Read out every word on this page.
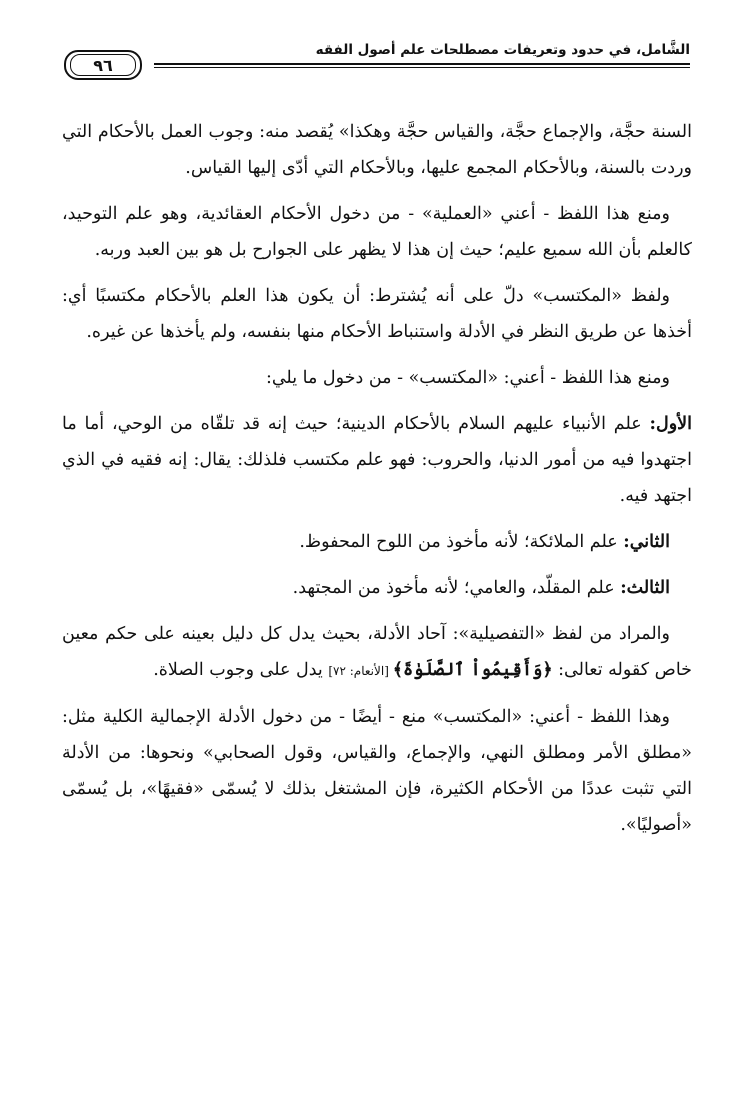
الشَّامل، في حدود وتعريفات مصطلحات علم أصول الفقه
٩٦

السنة حجَّة، والإجماع حجَّة، والقياس حجَّة وهكذا» يُقصد منه: وجوب العمل بالأحكام التي وردت بالسنة، وبالأحكام المجمع عليها، وبالأحكام التي أدّى إليها القياس.

ومنع هذا اللفظ - أعني «العملية» - من دخول الأحكام العقائدية، وهو علم التوحيد، كالعلم بأن الله سميع عليم؛ حيث إن هذا لا يظهر على الجوارح بل هو بين العبد وربه.

ولفظ «المكتسب» دلّ على أنه يُشترط: أن يكون هذا العلم بالأحكام مكتسبًا أي: أخذها عن طريق النظر في الأدلة واستنباط الأحكام منها بنفسه، ولم يأخذها عن غيره.

ومنع هذا اللفظ - أعني: «المكتسب» - من دخول ما يلي:

الأول: علم الأنبياء عليهم السلام بالأحكام الدينية؛ حيث إنه قد تلقّاه من الوحي، أما ما اجتهدوا فيه من أمور الدنيا، والحروب: فهو علم مكتسب فلذلك: يقال: إنه فقيه في الذي اجتهد فيه.

الثاني: علم الملائكة؛ لأنه مأخوذ من اللوح المحفوظ.

الثالث: علم المقلّد، والعامي؛ لأنه مأخوذ من المجتهد.

والمراد من لفظ «التفصيلية»: آحاد الأدلة، بحيث يدل كل دليل بعينه على حكم معين خاص كقوله تعالى: ﴿وَأَقِيمُواْ ٱلصَّلَوٰةَ﴾ [الأنعام: ٧٢] يدل على وجوب الصلاة.

وهذا اللفظ - أعني: «المكتسب» منع - أيضًا - من دخول الأدلة الإجمالية الكلية مثل: «مطلق الأمر ومطلق النهي، والإجماع، والقياس، وقول الصحابي» ونحوها: من الأدلة التي تثبت عددًا من الأحكام الكثيرة، فإن المشتغل بذلك لا يُسمّى «فقيهًا»، بل يُسمّى «أصوليًا».
